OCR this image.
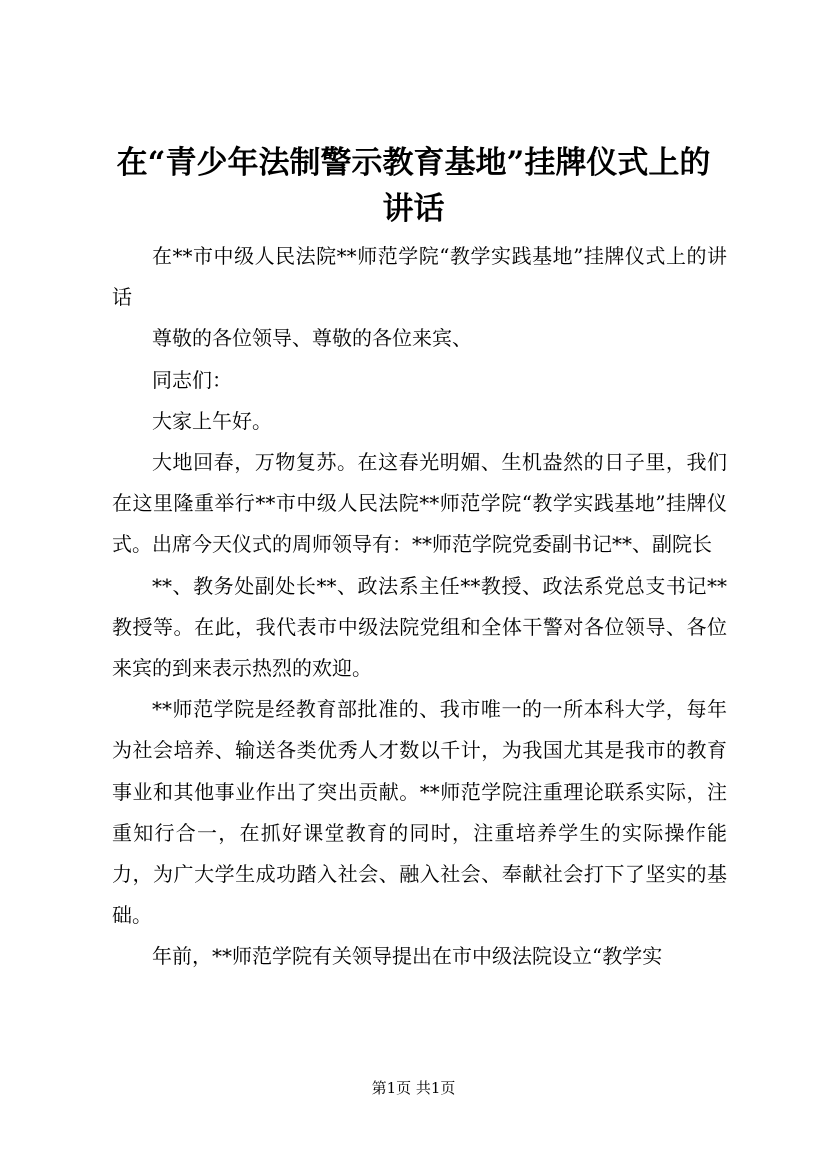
在“青少年法制警示教育基地”挂牌仪式上的
讲话

在**市中级人民法院**师范学院“教学实践基地”挂牌仪式上的讲话

尊敬的各位领导、尊敬的各位来宾、

同志们：

大家上午好。

大地回春，万物复苏。在这春光明媚、生机盎然的日子里，我们在这里隆重举行**市中级人民法院**师范学院“教学实践基地”挂牌仪式。出席今天仪式的周师领导有：**师范学院党委副书记**、副院长

**、教务处副处长**、政法系主任**教授、政法系党总支书记**教授等。在此，我代表市中级法院党组和全体干警对各位领导、各位来宾的到来表示热烈的欢迎。

**师范学院是经教育部批准的、我市唯一的一所本科大学，每年为社会培养、输送各类优秀人才数以千计，为我国尤其是我市的教育事业和其他事业作出了突出贡献。**师范学院注重理论联系实际，注重知行合一，在抓好课堂教育的同时，注重培养学生的实际操作能力，为广大学生成功踏入社会、融入社会、奉献社会打下了坚实的基础。

年前，**师范学院有关领导提出在市中级法院设立“教学实

第1页 共1页
